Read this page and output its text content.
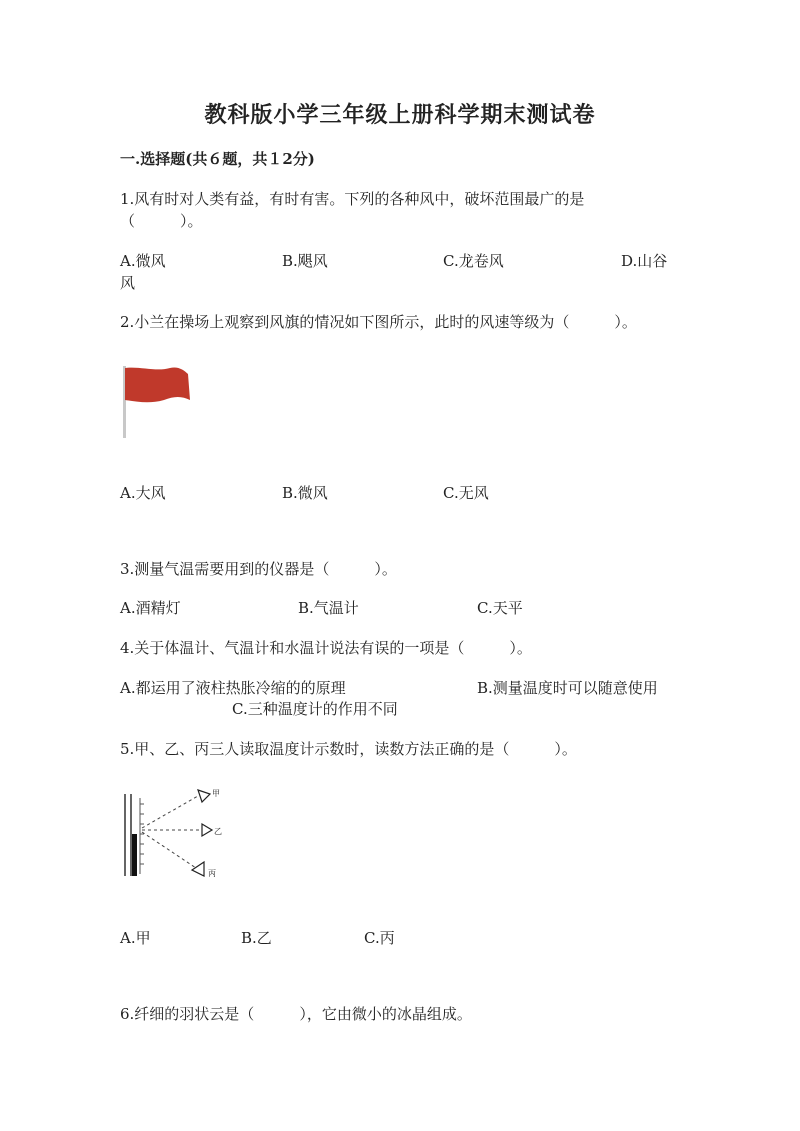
教科版小学三年级上册科学期末测试卷
一.选择题(共６题，共１2分)
1.风有时对人类有益，有时有害。下列的各种风中，破坏范围最广的是
（　　　）。
A.微风	B.飓风	C.龙卷风	D.山谷
风
2.小兰在操场上观察到风旗的情况如下图所示，此时的风速等级为（　　　）。
A.大风	B.微风	C.无风
3.测量气温需要用到的仪器是（　　　）。
A.酒精灯	B.气温计	C.天平
4.关于体温计、气温计和水温计说法有误的一项是（　　　）。
A.都运用了液柱热胀冷缩的的原理	B.测量温度时可以随意使用
C.三种温度计的作用不同
5.甲、乙、丙三人读取温度计示数时，读数方法正确的是（　　　）。
甲
乙
丙
A.甲	B.乙	C.丙
6.纤细的羽状云是（　　　），它由微小的冰晶组成。
